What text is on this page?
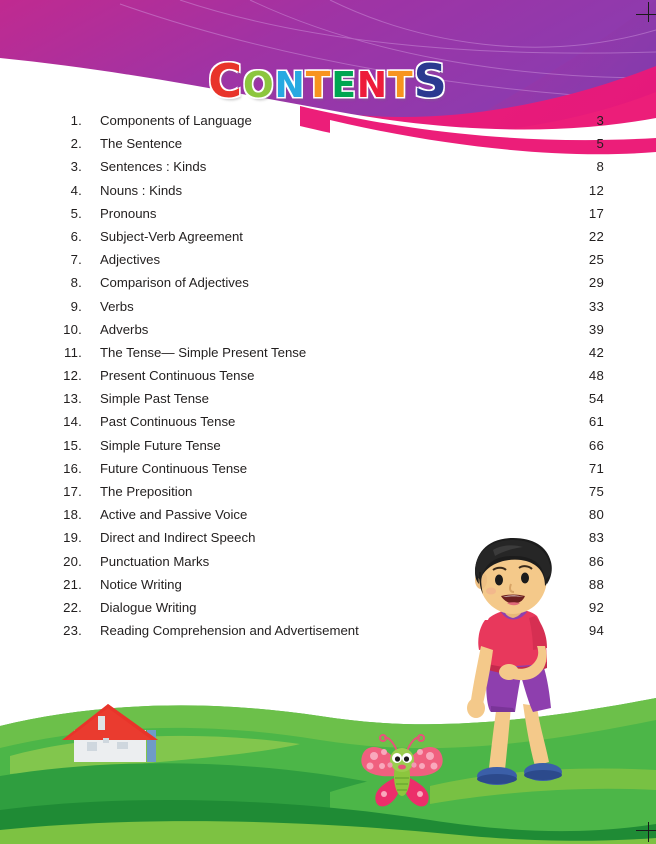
CONTENTS
1.	Components of Language	3
2.	The Sentence	5
3.	Sentences : Kinds	8
4.	Nouns : Kinds	12
5.	Pronouns	17
6.	Subject-Verb Agreement	22
7.	Adjectives	25
8.	Comparison of Adjectives	29
9.	Verbs	33
10.	Adverbs	39
11.	The Tense— Simple Present Tense	42
12.	Present Continuous Tense	48
13.	Simple Past Tense	54
14.	Past Continuous Tense	61
15.	Simple Future Tense	66
16.	Future Continuous Tense	71
17.	The Preposition	75
18.	Active and Passive Voice	80
19.	Direct and Indirect Speech	83
20.	Punctuation Marks	86
21.	Notice Writing	88
22.	Dialogue Writing	92
23.	Reading Comprehension and Advertisement	94
